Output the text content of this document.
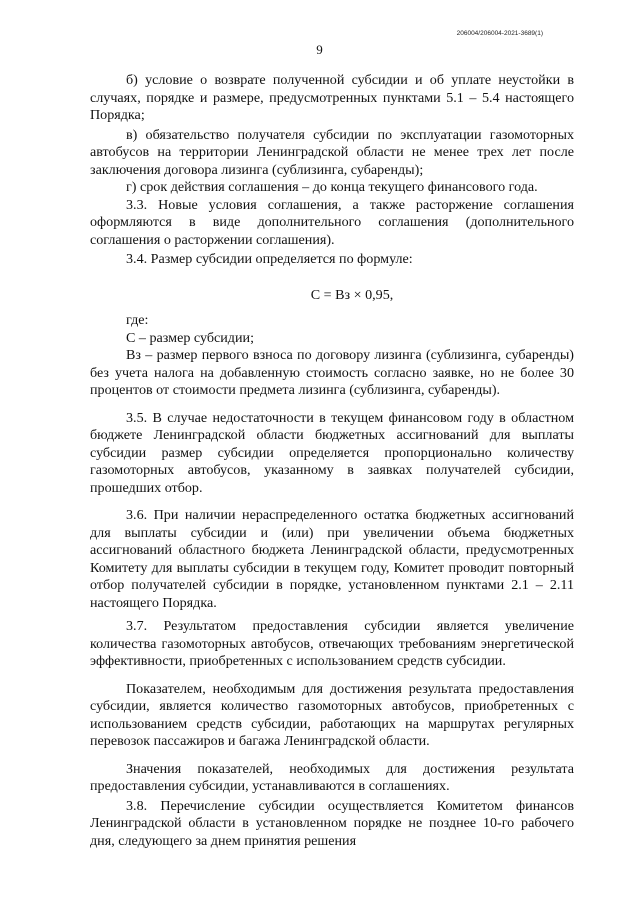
206004/206004-2021-3689(1)
9

б) условие о возврате полученной субсидии и об уплате неустойки в случаях, порядке и размере, предусмотренных пунктами 5.1 – 5.4 настоящего Порядка;

в) обязательство получателя субсидии по эксплуатации газомоторных автобусов на территории Ленинградской области не менее трех лет после заключения договора лизинга (сублизинга, субаренды);

г) срок действия соглашения – до конца текущего финансового года.

3.3. Новые условия соглашения, а также расторжение соглашения оформляются в виде дополнительного соглашения (дополнительного соглашения о расторжении соглашения).

3.4. Размер субсидии определяется по формуле:

С = Вз × 0,95,

где:

С – размер субсидии;

Вз – размер первого взноса по договору лизинга (сублизинга, субаренды) без учета налога на добавленную стоимость согласно заявке, но не более 30 процентов от стоимости предмета лизинга (сублизинга, субаренды).

3.5. В случае недостаточности в текущем финансовом году в областном бюджете Ленинградской области бюджетных ассигнований для выплаты субсидии размер субсидии определяется пропорционально количеству газомоторных автобусов, указанному в заявках получателей субсидии, прошедших отбор.

3.6. При наличии нераспределенного остатка бюджетных ассигнований для выплаты субсидии и (или) при увеличении объема бюджетных ассигнований областного бюджета Ленинградской области, предусмотренных Комитету для выплаты субсидии в текущем году, Комитет проводит повторный отбор получателей субсидии в порядке, установленном пунктами 2.1 – 2.11 настоящего Порядка.

3.7. Результатом предоставления субсидии является увеличение количества газомоторных автобусов, отвечающих требованиям энергетической эффективности, приобретенных с использованием средств субсидии.

Показателем, необходимым для достижения результата предоставления субсидии, является количество газомоторных автобусов, приобретенных с использованием средств субсидии, работающих на маршрутах регулярных перевозок пассажиров и багажа Ленинградской области.

Значения показателей, необходимых для достижения результата предоставления субсидии, устанавливаются в соглашениях.

3.8. Перечисление субсидии осуществляется Комитетом финансов Ленинградской области в установленном порядке не позднее 10-го рабочего дня, следующего за днем принятия решения
